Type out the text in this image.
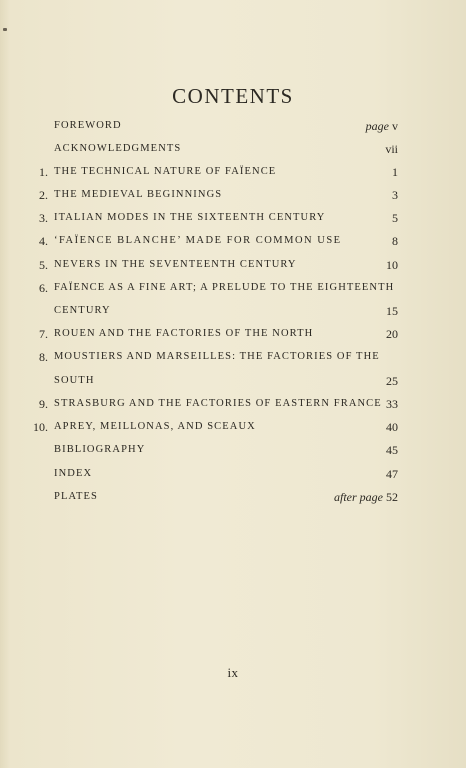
CONTENTS
FOREWORD	page v
ACKNOWLEDGMENTS	vii
1. THE TECHNICAL NATURE OF FAÏENCE	1
2. THE MEDIEVAL BEGINNINGS	3
3. ITALIAN MODES IN THE SIXTEENTH CENTURY	5
4. ‘FAÏENCE BLANCHE’ MADE FOR COMMON USE	8
5. NEVERS IN THE SEVENTEENTH CENTURY	10
6. FAÏENCE AS A FINE ART; A PRELUDE TO THE EIGHTEENTH
CENTURY	15
7. ROUEN AND THE FACTORIES OF THE NORTH	20
8. MOUSTIERS AND MARSEILLES: THE FACTORIES OF THE
SOUTH	25
9. STRASBURG AND THE FACTORIES OF EASTERN FRANCE 33
10. APREY, MEILLONAS, AND SCEAUX	40
BIBLIOGRAPHY	45
INDEX	47
PLATES	after page 52
ix
